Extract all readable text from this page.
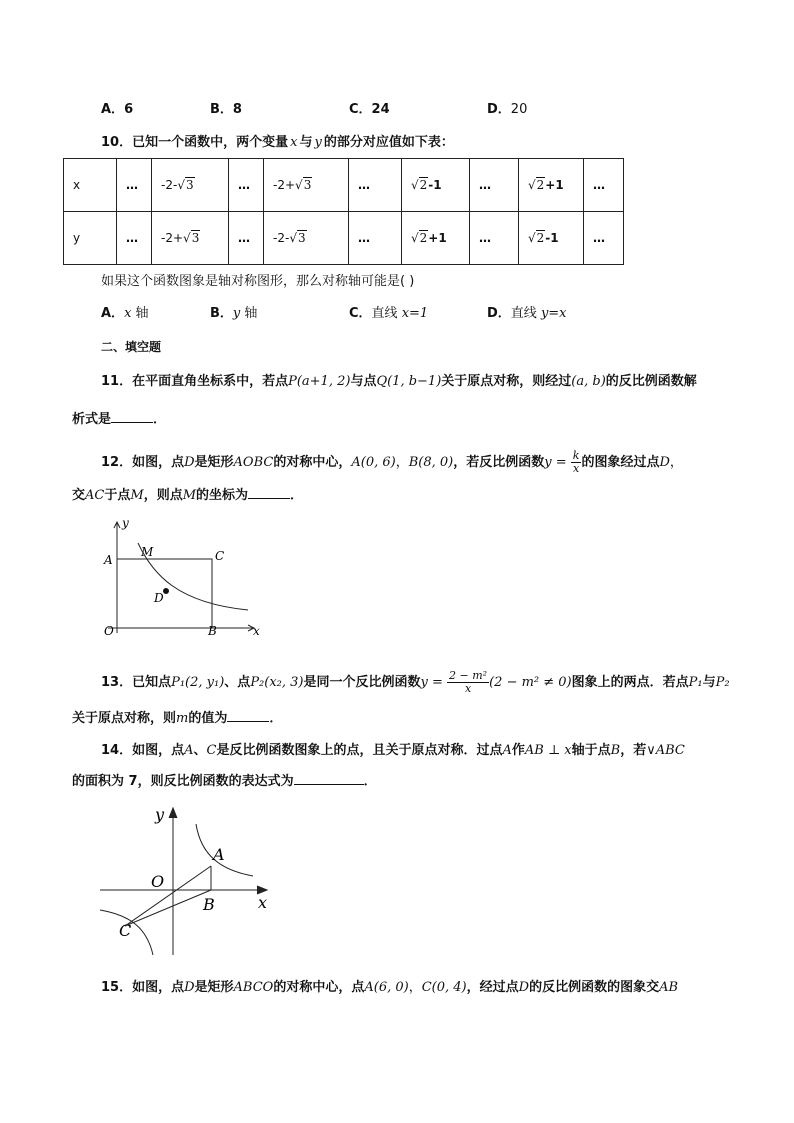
A．6	B．8	C．24	D．20
10．已知一个函数中，两个变量 x 与 y 的部分对应值如下表：
x	…	-2-√3	…	-2+√3	…	√2-1	…	√2+1	…
y	…	-2+√3	…	-2-√3	…	√2+1	…	√2-1	…
如果这个函数图象是轴对称图形，那么对称轴可能是( )
A．x 轴	B．y 轴	C．直线 x=1	D．直线 y=x
二、填空题
11．在平面直角坐标系中，若点P(a+1, 2)与点Q(1, b−1)关于原点对称，则经过(a, b)的反比例函数解
析式是	．
12．如图，点D是矩形AOBC的对称中心，A(0, 6)，B(8, 0)，若反比例函数$y = \frac{k}{x}$ 的图象经过点D，
交AC于点M，则点M的坐标为	．
y
A
M	C
D
O	B	x
13．已知点P₁(2, y₁)、点P₂(x₂, 3)是同一个反比例函数$y = \frac{\text{2 − m²}}{x} (2 - m^2 \ne 0)$图象上的两点．若点P₁与P₂
关于原点对称，则m的值为	．
14．如图，点A、C是反比例函数图象上的点，且关于原点对称．过点A作AB ⊥ x轴于点B，若∨ABC
的面积为 7，则反比例函数的表达式为	．
y
x
O
A
B
C
15．如图，点D是矩形ABCO的对称中心，点A(6, 0)，C(0, 4)，经过点D的反比例函数的图象交AB
